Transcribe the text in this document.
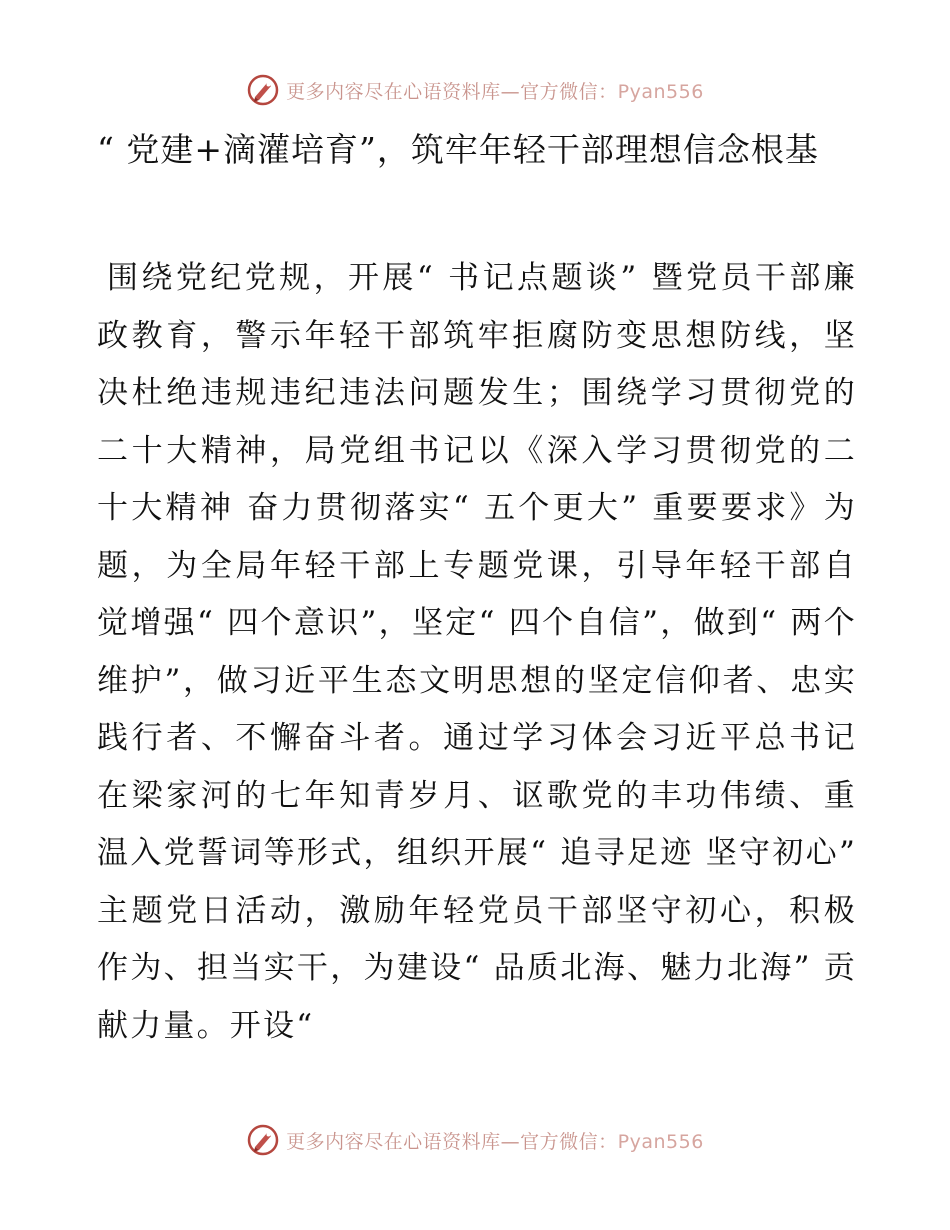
更多内容尽在心语资料库—官方微信：Pyan556
“ 党建+滴灌培育”，筑牢年轻干部理想信念根基

围绕党纪党规，开展“ 书记点题谈” 暨党员干部廉政教育，警示年轻干部筑牢拒腐防变思想防线，坚决杜绝违规违纪违法问题发生；围绕学习贯彻党的二十大精神，局党组书记以《深入学习贯彻党的二十大精神 奋力贯彻落实“ 五个更大” 重要要求》为题，为全局年轻干部上专题党课，引导年轻干部自觉增强“ 四个意识”，坚定“ 四个自信”，做到“ 两个维护”，做习近平生态文明思想的坚定信仰者、忠实践行者、不懈奋斗者。通过学习体会习近平总书记在梁家河的七年知青岁月、讴歌党的丰功伟绩、重温入党誓词等形式，组织开展“ 追寻足迹 坚守初心” 主题党日活动，激励年轻党员干部坚守初心，积极作为、担当实干，为建设“ 品质北海、魅力北海” 贡献力量。开设“

更多内容尽在心语资料库—官方微信：Pyan556
